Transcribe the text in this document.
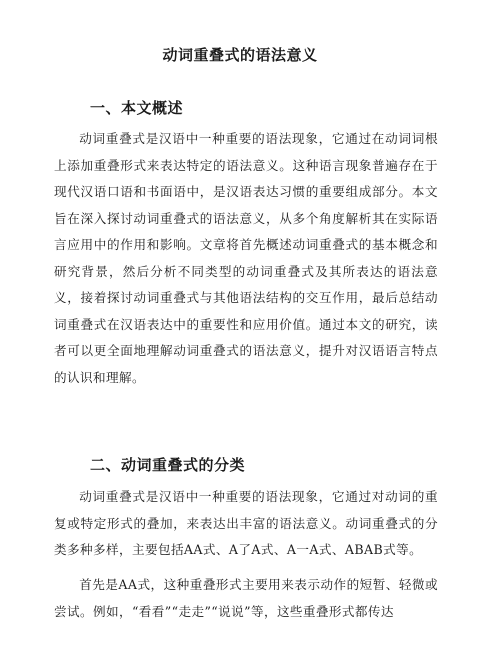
动词重叠式的语法意义
一、本文概述

动词重叠式是汉语中一种重要的语法现象，它通过在动词词根上添加重叠形式来表达特定的语法意义。这种语言现象普遍存在于现代汉语口语和书面语中，是汉语表达习惯的重要组成部分。本文旨在深入探讨动词重叠式的语法意义，从多个角度解析其在实际语言应用中的作用和影响。文章将首先概述动词重叠式的基本概念和研究背景，然后分析不同类型的动词重叠式及其所表达的语法意义，接着探讨动词重叠式与其他语法结构的交互作用，最后总结动词重叠式在汉语表达中的重要性和应用价值。通过本文的研究，读者可以更全面地理解动词重叠式的语法意义，提升对汉语语言特点的认识和理解。

二、动词重叠式的分类

动词重叠式是汉语中一种重要的语法现象，它通过对动词的重复或特定形式的叠加，来表达出丰富的语法意义。动词重叠式的分类多种多样，主要包括AA式、A了A式、A一A式、ABAB式等。

首先是AA式，这种重叠形式主要用来表示动作的短暂、轻微或尝试。例如，“看看”“走走”“说说”等，这些重叠形式都传达
